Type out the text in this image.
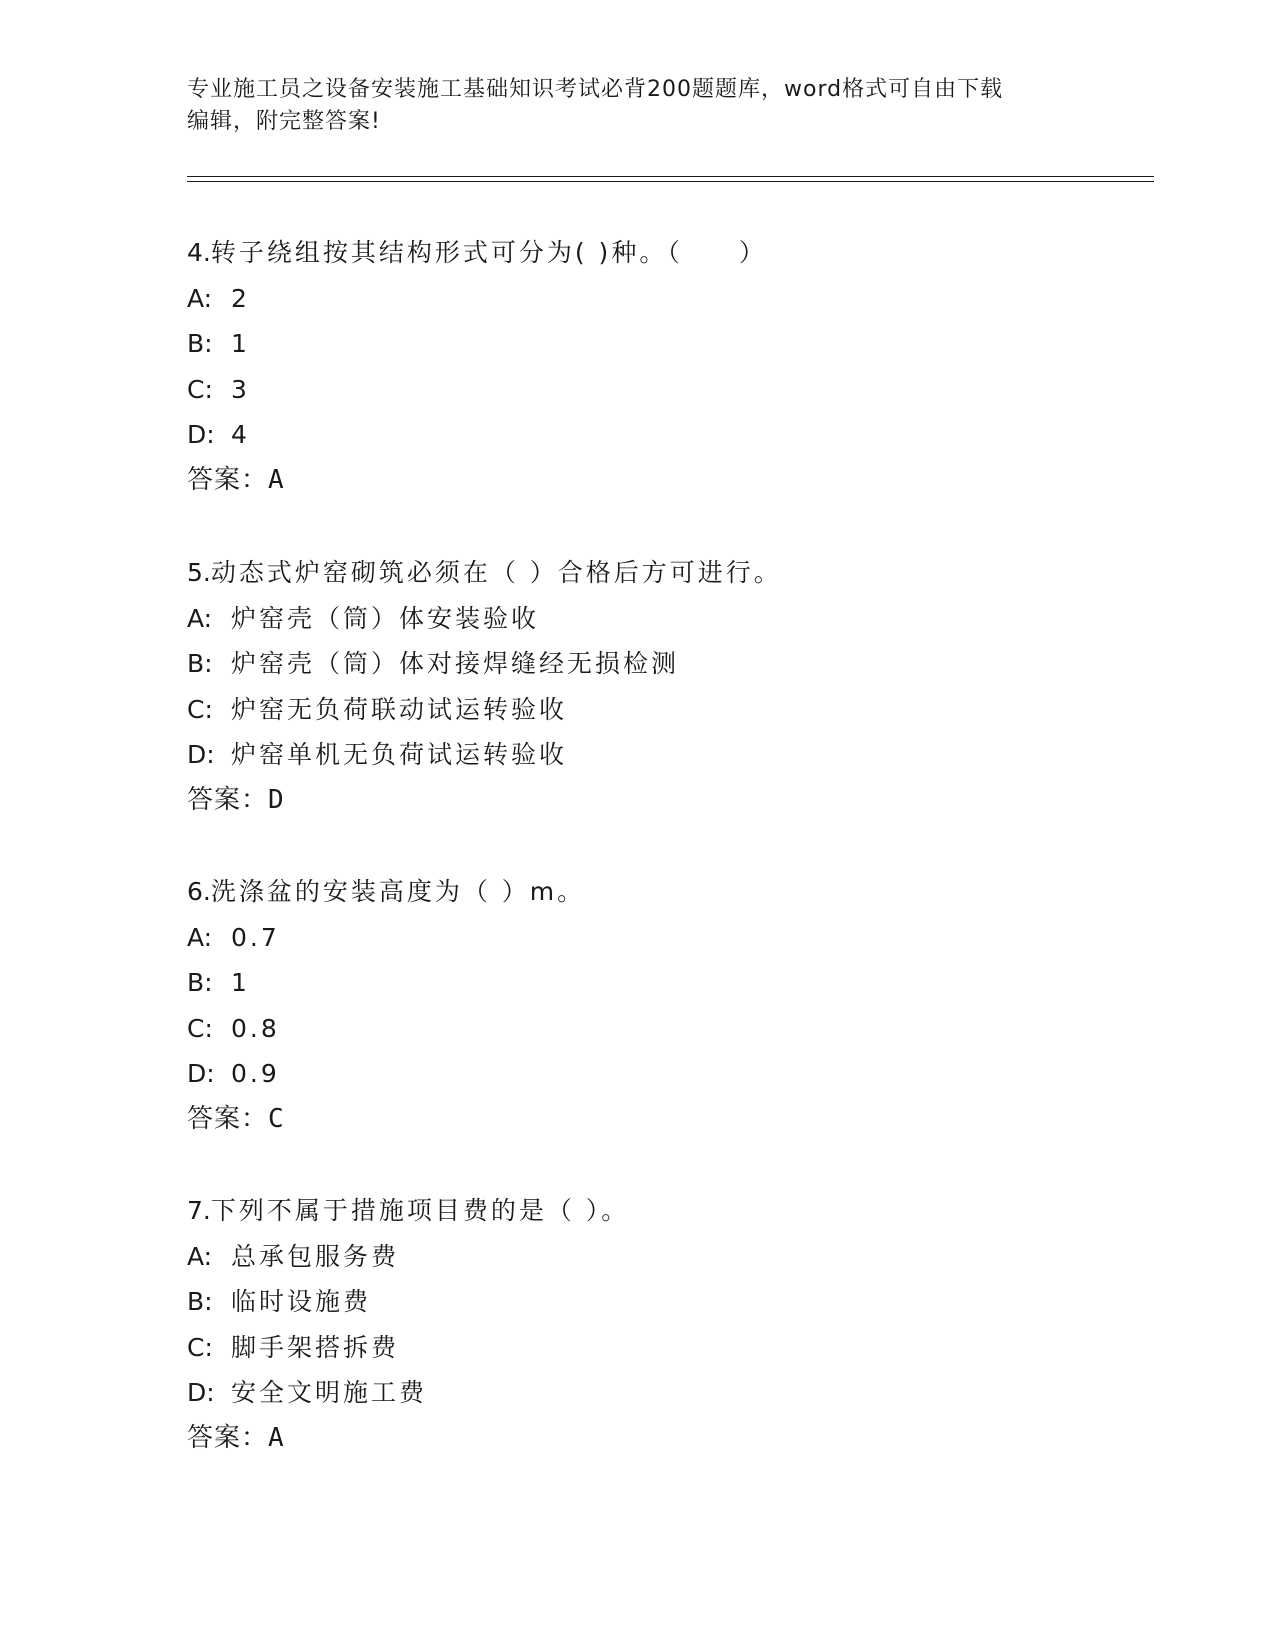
专业施工员之设备安装施工基础知识考试必背200题题库，word格式可自由下载
编辑，附完整答案!
4.转子绕组按其结构形式可分为( )种。（　　）
A: 2
B: 1
C: 3
D: 4
答案：A
5.动态式炉窑砌筑必须在（ ）合格后方可进行。
A: 炉窑壳（筒）体安装验收
B: 炉窑壳（筒）体对接焊缝经无损检测
C: 炉窑无负荷联动试运转验收
D: 炉窑单机无负荷试运转验收
答案：D
6.洗涤盆的安装高度为（ ）m。
A: 0.7
B: 1
C: 0.8
D: 0.9
答案：C
7.下列不属于措施项目费的是（ ）。
A: 总承包服务费
B: 临时设施费
C: 脚手架搭拆费
D: 安全文明施工费
答案：A
